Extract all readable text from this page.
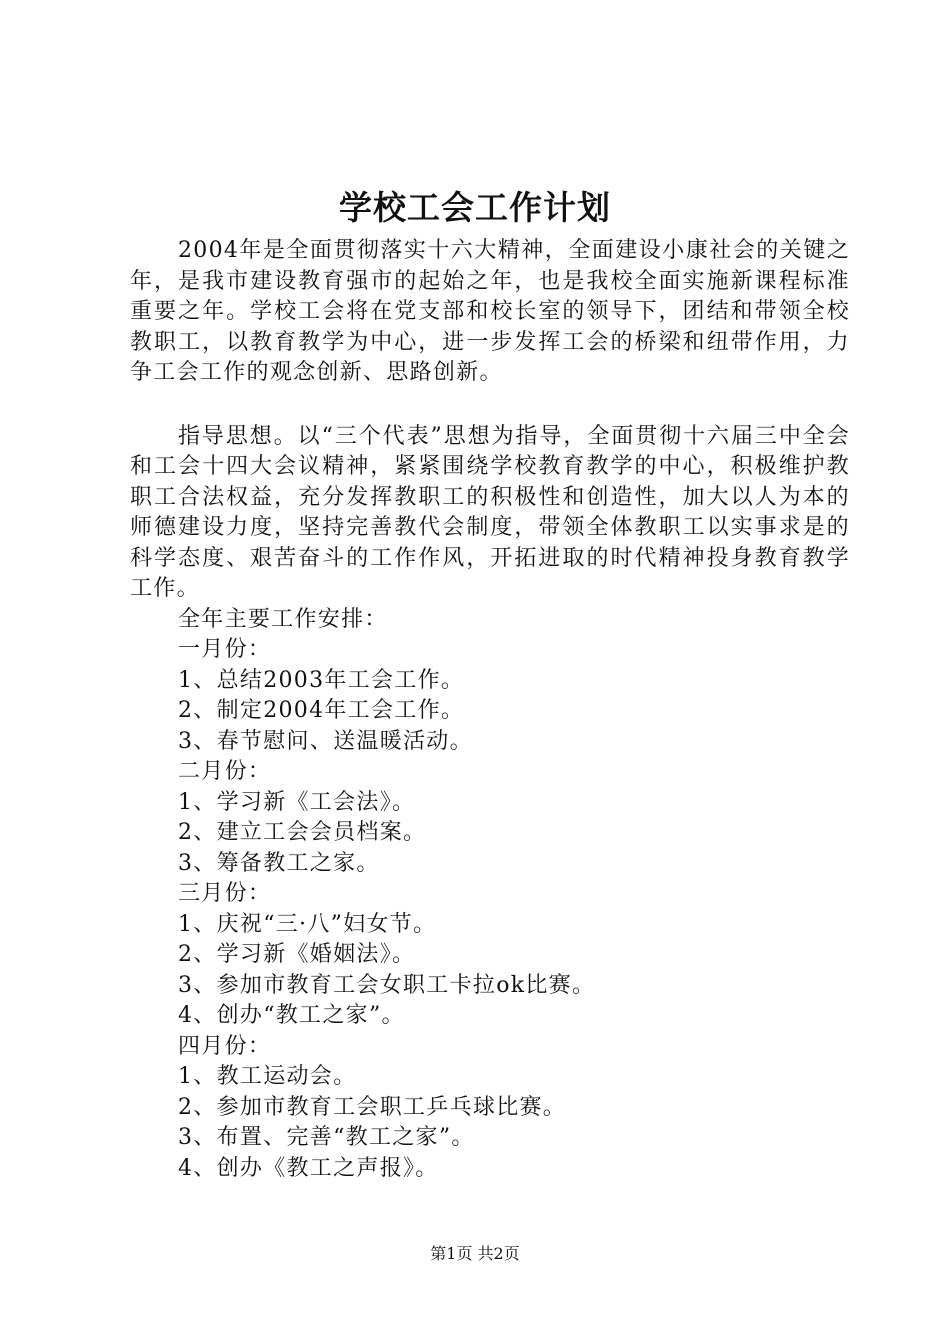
学校工会工作计划

2004年是全面贯彻落实十六大精神，全面建设小康社会的关键之年，是我市建设教育强市的起始之年，也是我校全面实施新课程标准重要之年。学校工会将在党支部和校长室的领导下，团结和带领全校教职工，以教育教学为中心，进一步发挥工会的桥梁和纽带作用，力争工会工作的观念创新、思路创新。

指导思想。以“三个代表”思想为指导，全面贯彻十六届三中全会和工会十四大会议精神，紧紧围绕学校教育教学的中心，积极维护教职工合法权益，充分发挥教职工的积极性和创造性，加大以人为本的师德建设力度，坚持完善教代会制度，带领全体教职工以实事求是的科学态度、艰苦奋斗的工作作风，开拓进取的时代精神投身教育教学工作。

全年主要工作安排：

一月份：

1、总结2003年工会工作。

2、制定2004年工会工作。

3、春节慰问、送温暖活动。

二月份：

1、学习新《工会法》。

2、建立工会会员档案。

3、筹备教工之家。

三月份：

1、庆祝“三·八”妇女节。

2、学习新《婚姻法》。

3、参加市教育工会女职工卡拉ok比赛。

4、创办“教工之家”。

四月份：

1、教工运动会。

2、参加市教育工会职工乒乓球比赛。

3、布置、完善“教工之家”。

4、创办《教工之声报》。

第1页 共2页
